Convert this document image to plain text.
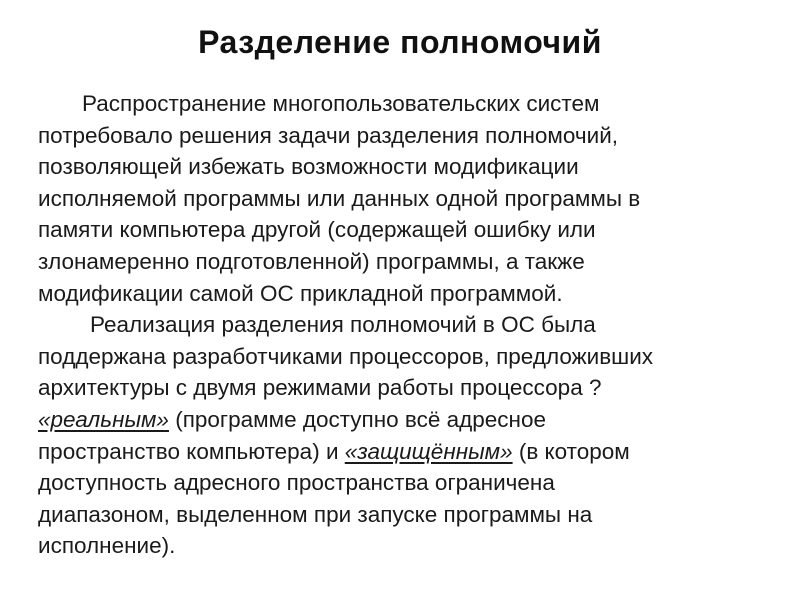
Разделение полномочий
Распространение многопользовательских систем
потребовало решения задачи разделения полномочий,
позволяющей избежать возможности модификации
исполняемой программы или данных одной программы в
памяти компьютера другой (содержащей ошибку или
злонамеренно подготовленной) программы, а также
модификации самой ОС прикладной программой.
Реализация разделения полномочий в ОС была
поддержана разработчиками процессоров, предложивших
архитектуры с двумя режимами работы процессора ?
«реальным» (программе доступно всё адресное
пространство компьютера) и «защищённым» (в котором
доступность адресного пространства ограничена
диапазоном, выделенном при запуске программы на
исполнение).
